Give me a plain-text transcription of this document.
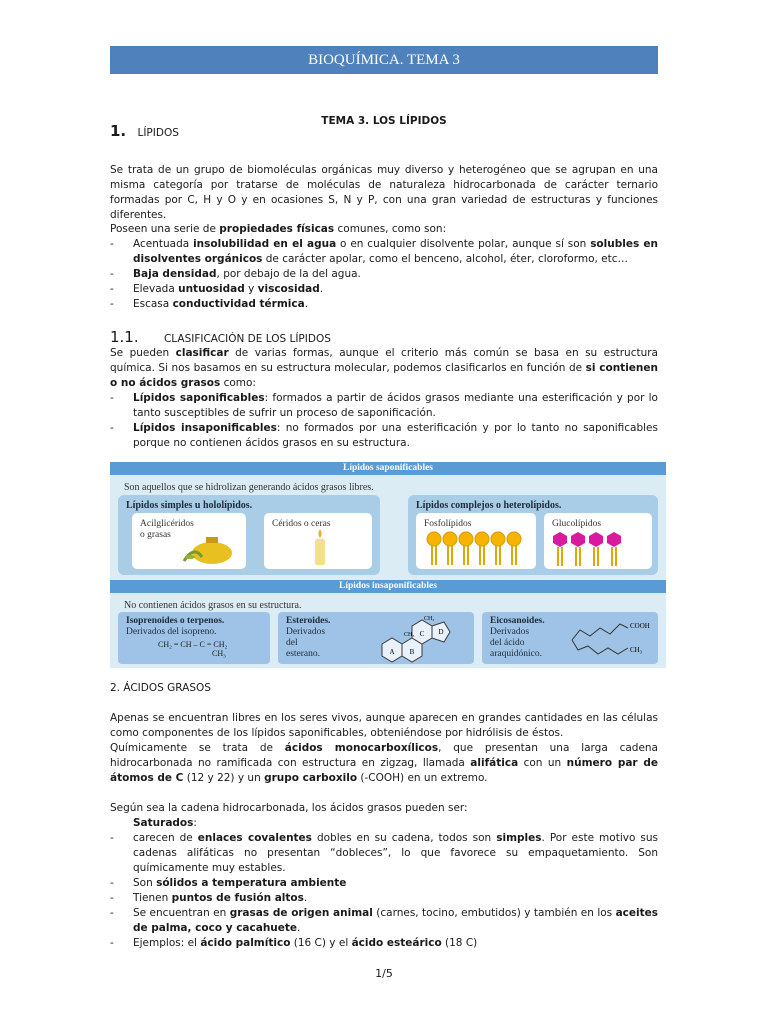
BIOQUÍMICA. TEMA 3
TEMA 3. LOS LÍPIDOS
1. LÍPIDOS

Se trata de un grupo de biomoléculas orgánicas muy diverso y heterogéneo que se agrupan en una misma categoría por tratarse de moléculas de naturaleza hidrocarbonada de carácter ternario formadas por C, H y O y en ocasiones S, N y P, con una gran variedad de estructuras y funciones diferentes.

Poseen una serie de propiedades físicas comunes, como son:

-	Acentuada insolubilidad en el agua o en cualquier disolvente polar, aunque sí son solubles en disolventes orgánicos de carácter apolar, como el benceno, alcohol, éter, cloroformo, etc…
-	Baja densidad, por debajo de la del agua.
-	Elevada untuosidad y viscosidad.
-	Escasa conductividad térmica.
1.1. CLASIFICACIÓN DE LOS LÍPIDOS

Se pueden clasificar de varias formas, aunque el criterio más común se basa en su estructura química. Si nos basamos en su estructura molecular, podemos clasificarlos en función de si contienen o no ácidos grasos como:

-	Lípidos saponificables: formados a partir de ácidos grasos mediante una esterificación y por lo tanto susceptibles de sufrir un proceso de saponificación.
-	Lípidos insaponificables: no formados por una esterificación y por lo tanto no saponificables porque no contienen ácidos grasos en su estructura.
Lípidos saponificables
Son aquellos que se hidrolizan generando ácidos grasos libres.
Lípidos simples u hololípidos.
Acilglicéridos
o grasas
Céridos o ceras
Lípidos complejos o heterolípidos.
Fosfolípidos	Glucolípidos
Lípidos insaponificables
No contienen ácidos grasos en su estructura.
Isoprenoides o terpenos.
Derivados del isopreno.
CH₂ = CH – C = CH₂
CH₃
Esteroides.
Derivados
del
esterano.	A B
C D
CH₃
CH₃	Eicosanoides.
Derivados
del ácido
araquidónico.
COOH
CH₃
2. ÁCIDOS GRASOS

Apenas se encuentran libres en los seres vivos, aunque aparecen en grandes cantidades en las células como componentes de los lípidos saponificables, obteniéndose por hidrólisis de éstos.

Químicamente se trata de ácidos monocarboxílicos, que presentan una larga cadena hidrocarbonada no ramificada con estructura en zigzag, llamada alifática con un número par de átomos de C (12 y 22) y un grupo carboxilo (-COOH) en un extremo.

Según sea la cadena hidrocarbonada, los ácidos grasos pueden ser:

Saturados:

-	carecen de enlaces covalentes dobles en su cadena, todos son simples. Por este motivo sus cadenas alifáticas no presentan “dobleces”, lo que favorece su empaquetamiento. Son químicamente muy estables.
-	Son sólidos a temperatura ambiente
-	Tienen puntos de fusión altos.
-	Se encuentran en grasas de origen animal (carnes, tocino, embutidos) y también en los aceites de palma, coco y cacahuete.
-	Ejemplos: el ácido palmítico (16 C) y el ácido esteárico (18 C)
1/5
